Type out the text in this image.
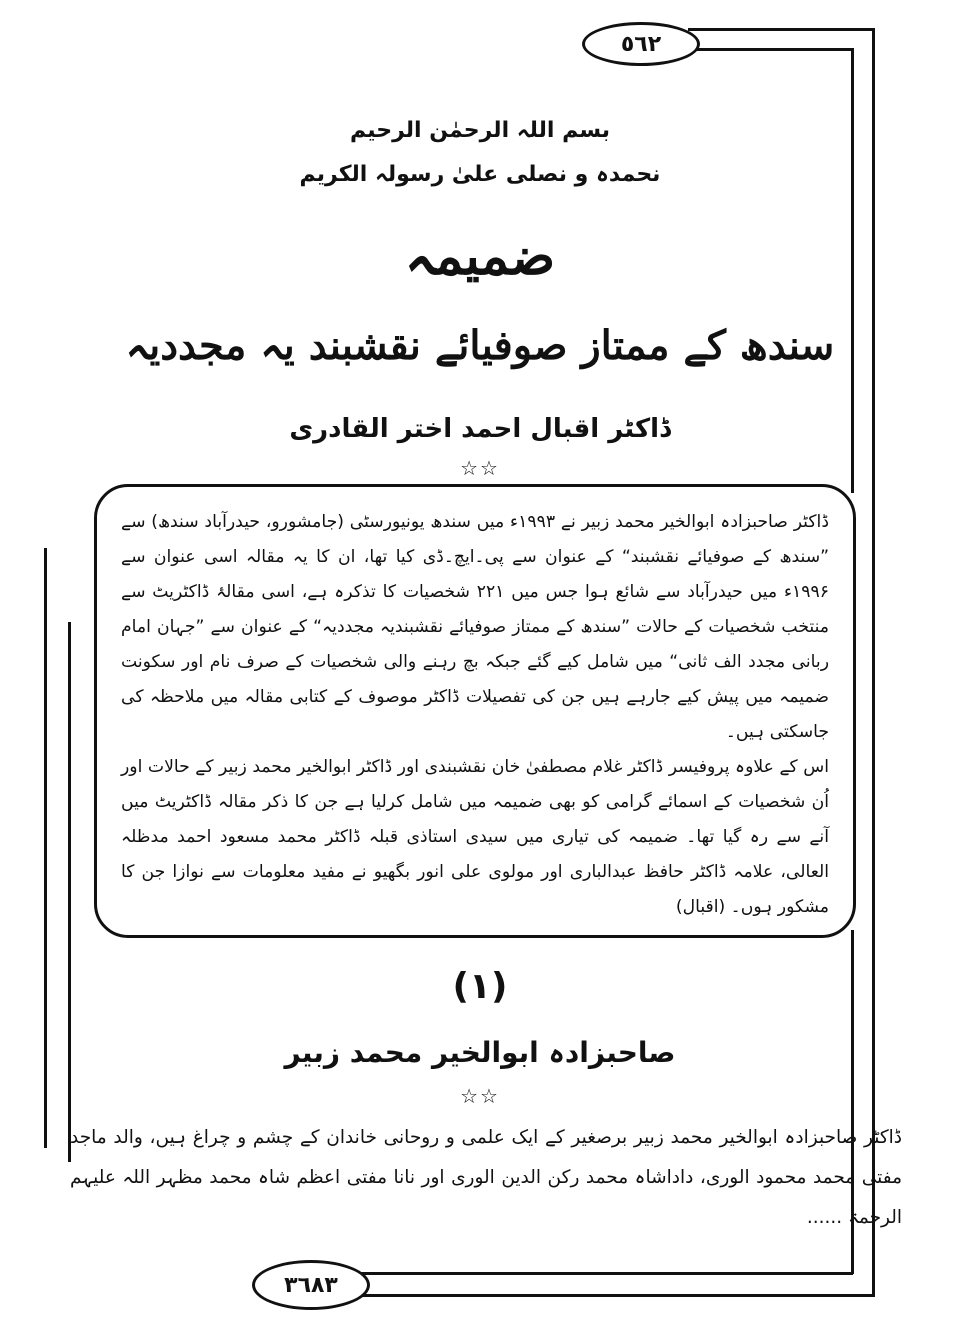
٥٦٢
٣٦٨٣
بسم اللہ الرحمٰن الرحیم
نحمدہ و نصلی علیٰ رسولہ الکریم
ضمیمہ
سندھ کے ممتاز صوفیائے نقشبند یہ مجددیہ
ڈاکٹر اقبال احمد اختر القادری
☆☆

ڈاکٹر صاحبزادہ ابوالخیر محمد زبیر نے ۱۹۹۳ء میں سندھ یونیورسٹی (جامشورو، حیدرآباد سندھ) سے ”سندھ کے صوفیائے نقشبند“ کے عنوان سے پی۔ایچ۔ڈی کیا تھا، ان کا یہ مقالہ اسی عنوان سے ۱۹۹۶ء میں حیدرآباد سے شائع ہوا جس میں ۲۲۱ شخصیات کا تذکرہ ہے، اسی مقالۂ ڈاکٹریٹ سے منتخب شخصیات کے حالات ”سندھ کے ممتاز صوفیائے نقشبندیہ مجددیہ“ کے عنوان سے ”جہان امام ربانی مجدد الف ثانی“ میں شامل کیے گئے جبکہ بچ رہنے والی شخصیات کے صرف نام اور سکونت ضمیمہ میں پیش کیے جارہے ہیں جن کی تفصیلات ڈاکٹر موصوف کے کتابی مقالہ میں ملاحظہ کی جاسکتی ہیں۔

اس کے علاوہ پروفیسر ڈاکٹر غلام مصطفیٰ خان نقشبندی اور ڈاکٹر ابوالخیر محمد زبیر کے حالات اور اُن شخصیات کے اسمائے گرامی کو بھی ضمیمہ میں شامل کرلیا ہے جن کا ذکر مقالہ ڈاکٹریٹ میں آنے سے رہ گیا تھا۔ ضمیمہ کی تیاری میں سیدی استاذی قبلہ ڈاکٹر محمد مسعود احمد مدظلہ العالی، علامہ ڈاکٹر حافظ عبدالباری اور مولوی علی انور بگھیو نے مفید معلومات سے نوازا جن کا مشکور ہوں۔ (اقبال)

(۱)
صاحبزادہ ابوالخیر محمد زبیر
☆☆

ڈاکٹر صاحبزادہ ابوالخیر محمد زبیر برصغیر کے ایک علمی و روحانی خاندان کے چشم و چراغ ہیں، والد ماجد مفتی محمد محمود الوری، داداشاہ محمد رکن الدین الوری اور نانا مفتی اعظم شاہ محمد مظہر اللہ علیہم الرحمۃ ......
